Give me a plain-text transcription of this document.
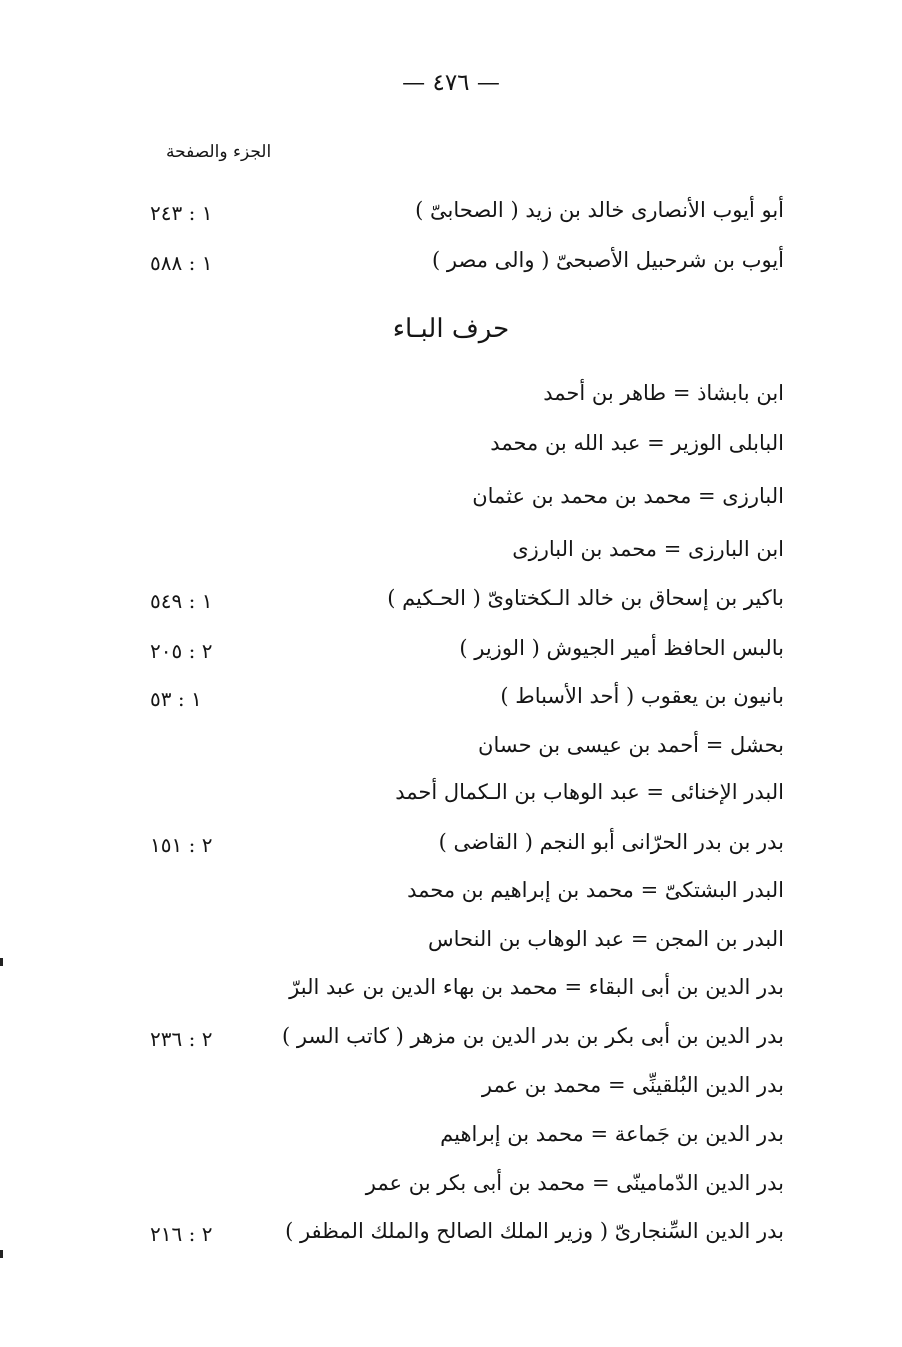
— ٤٧٦ —
الجزء والصفحة
أبو أيوب الأنصارى خالد بن زيد ( الصحابىّ )
١ : ٢٤٣
أيوب بن شرحبيل الأصبحىّ ( والى مصر )
١ : ٥٨٨
حرف البـاء
ابن بابشاذ = طاهر بن أحمد
البابلى الوزير = عبد الله بن محمد
البارزى = محمد بن محمد بن عثمان
ابن البارزى = محمد بن البارزى
باكير بن إسحاق بن خالد الـكختاوىّ ( الحـكيم )
١ : ٥٤٩
بالبس الحافظ أمير الجيوش ( الوزير )
٢ : ٢٠٥
بانيون بن يعقوب ( أحد الأسباط )
١ : ٥٣
بحشل = أحمد بن عيسى بن حسان
البدر الإخنائى = عبد الوهاب بن الـكمال أحمد
بدر بن بدر الحرّانى أبو النجم ( القاضى )
٢ : ١٥١
البدر البشتكىّ = محمد بن إبراهيم بن محمد
البدر بن المجن = عبد الوهاب بن النحاس
بدر الدين بن أبى البقاء = محمد بن بهاء الدين بن عبد البرّ
بدر الدين بن أبى بكر بن بدر الدين بن مزهر ( كاتب السر )
٢ : ٢٣٦
بدر الدين البُلقينِّى = محمد بن عمر
بدر الدين بن جَماعة = محمد بن إبراهيم
بدر الدين الدّمامينّى = محمد بن أبى بكر بن عمر
بدر الدين السِّنجارىّ ( وزير الملك الصالح والملك المظفر )
٢ : ٢١٦
